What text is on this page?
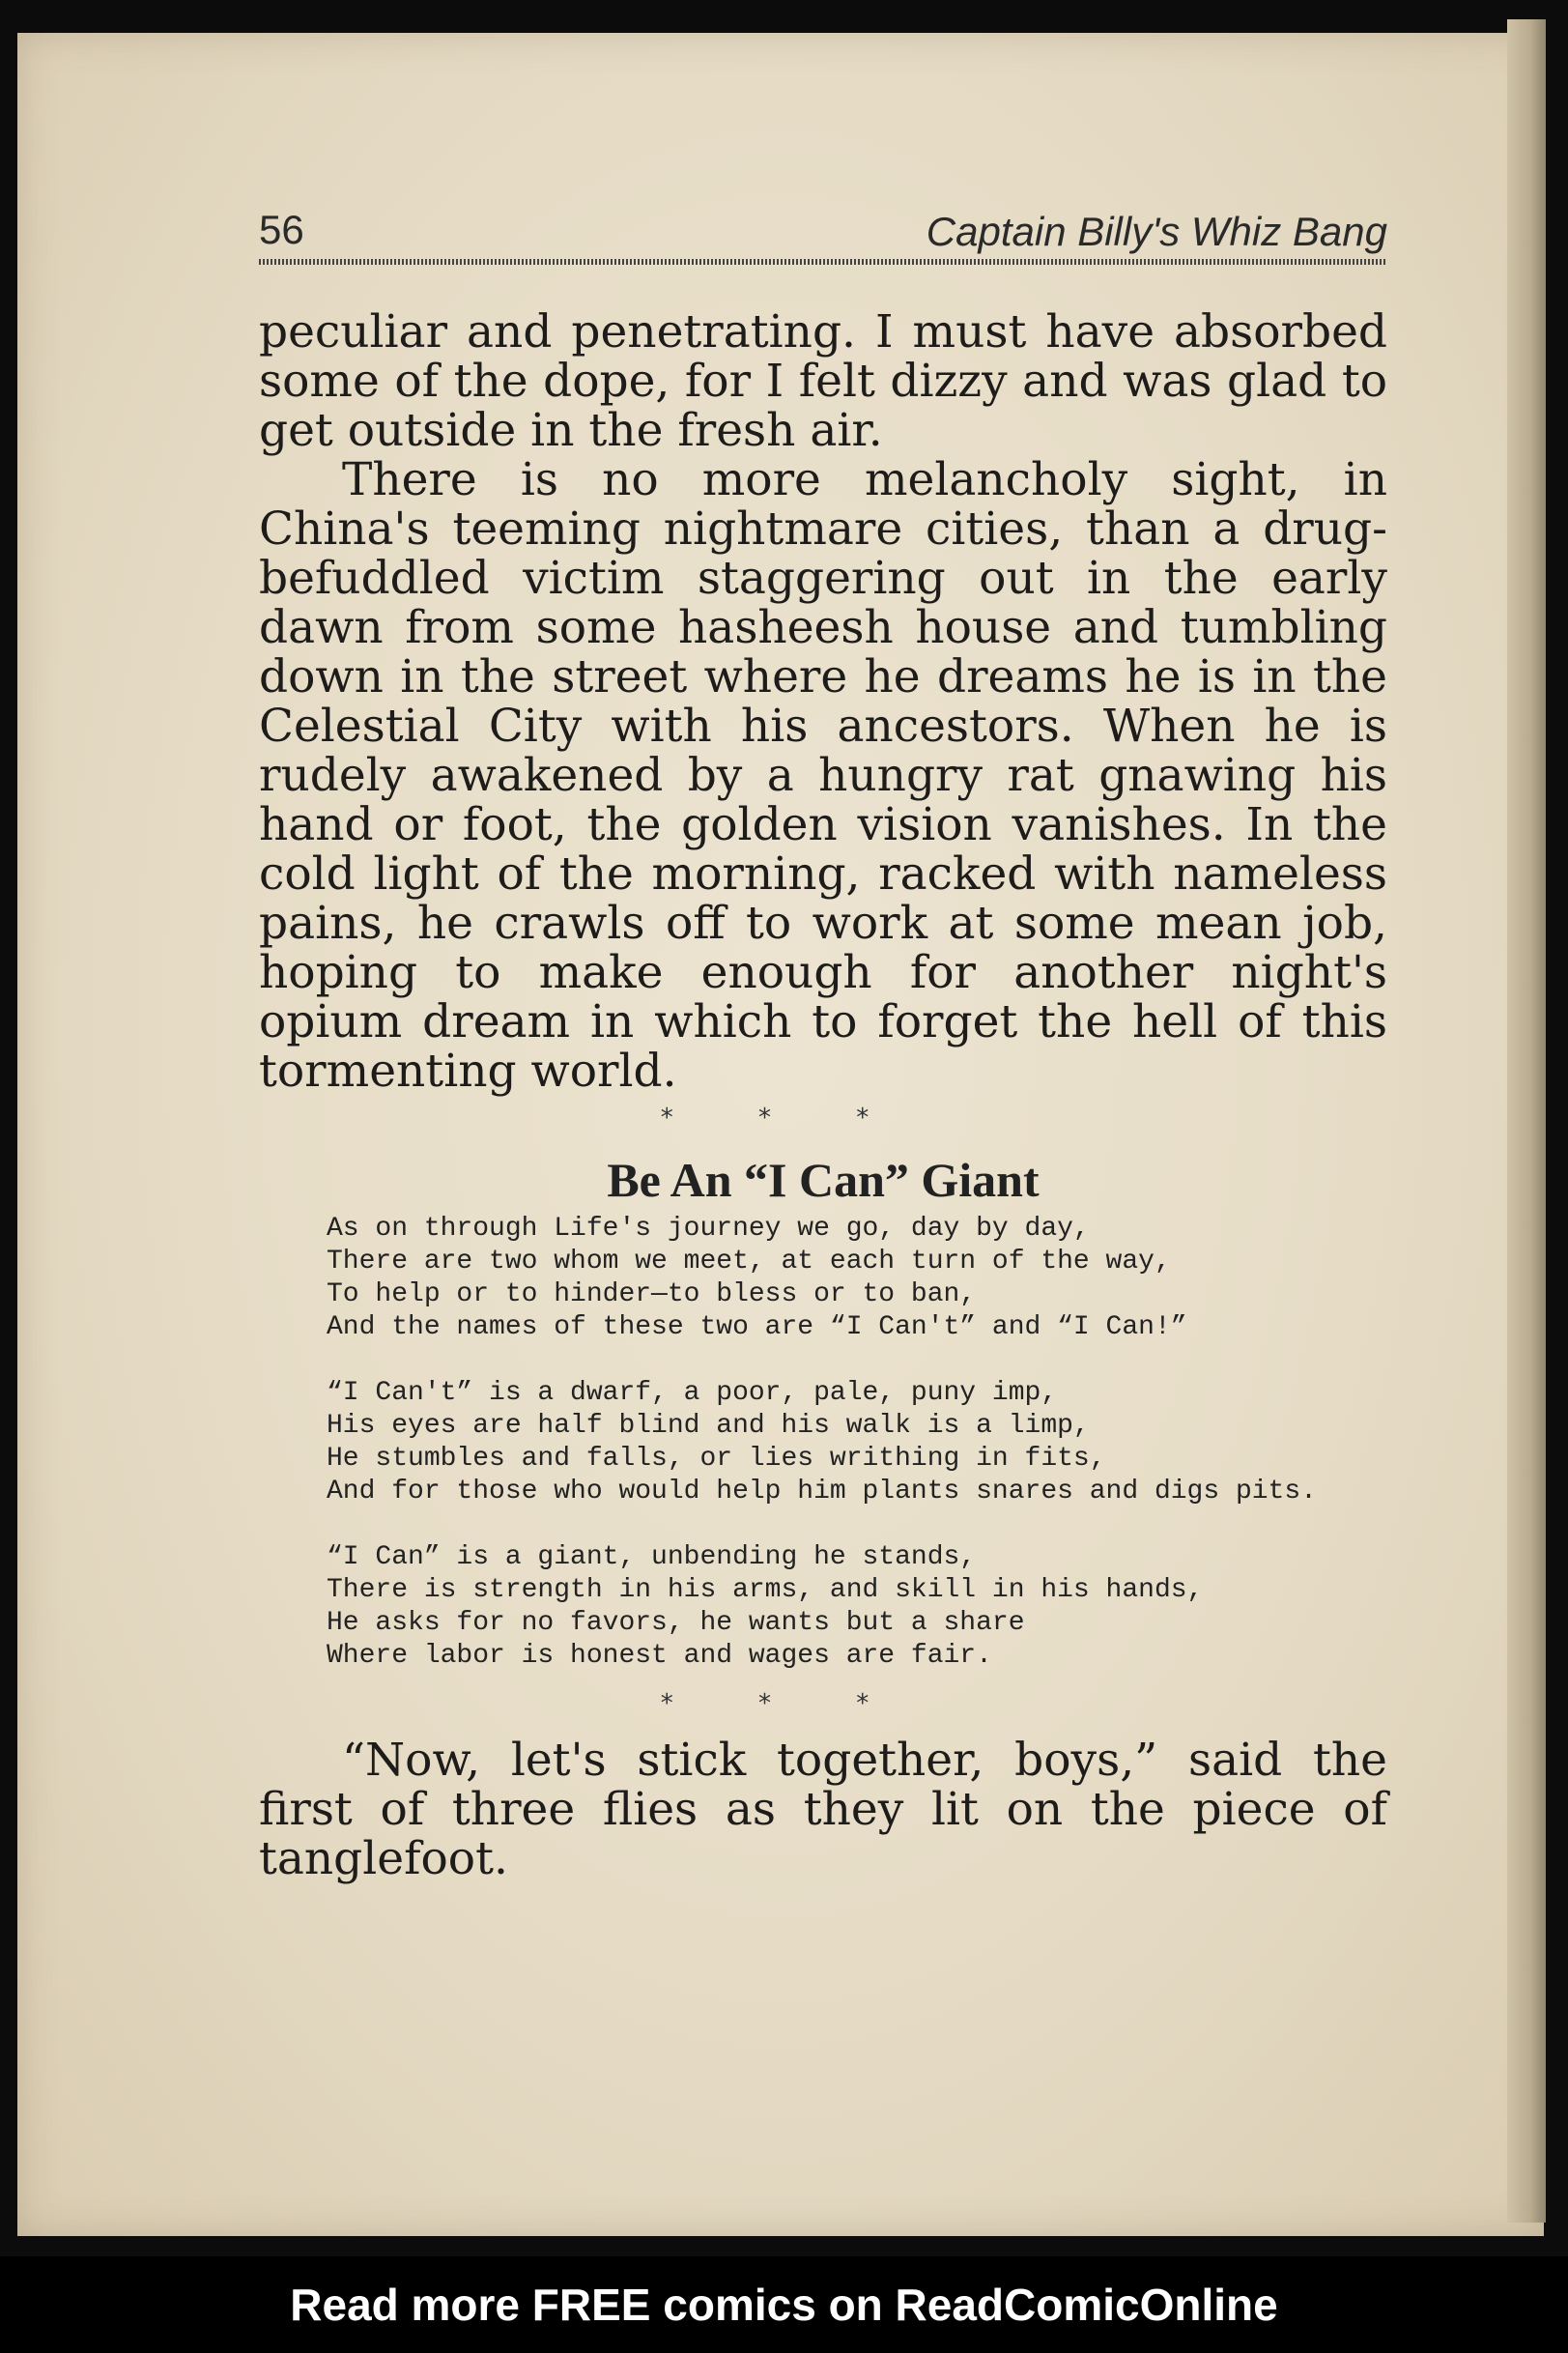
56	Captain Billy's Whiz Bang

peculiar and penetrating. I must have absorbed some of the dope, for I felt dizzy and was glad to get outside in the fresh air.

There is no more melancholy sight, in China's teeming nightmare cities, than a drug-befuddled victim staggering out in the early dawn from some hasheesh house and tumbling down in the street where he dreams he is in the Celestial City with his ancestors. When he is rudely awakened by a hungry rat gnawing his hand or foot, the golden vision vanishes. In the cold light of the morning, racked with nameless pains, he crawls off to work at some mean job, hoping to make enough for another night's opium dream in which to forget the hell of this tormenting world.

* * *
Be An “I Can” Giant
As on through Life's journey we go, day by day,
There are two whom we meet, at each turn of the way,
To help or to hinder—to bless or to ban,
And the names of these two are “I Can't” and “I Can!”
“I Can't” is a dwarf, a poor, pale, puny imp,
His eyes are half blind and his walk is a limp,
He stumbles and falls, or lies writhing in fits,
And for those who would help him plants snares and digs pits.
“I Can” is a giant, unbending he stands,
There is strength in his arms, and skill in his hands,
He asks for no favors, he wants but a share
Where labor is honest and wages are fair.
* * *
“Now, let's stick together, boys,” said the first of three flies as they lit on the piece of tanglefoot.
Read more FREE comics on ReadComicOnline
